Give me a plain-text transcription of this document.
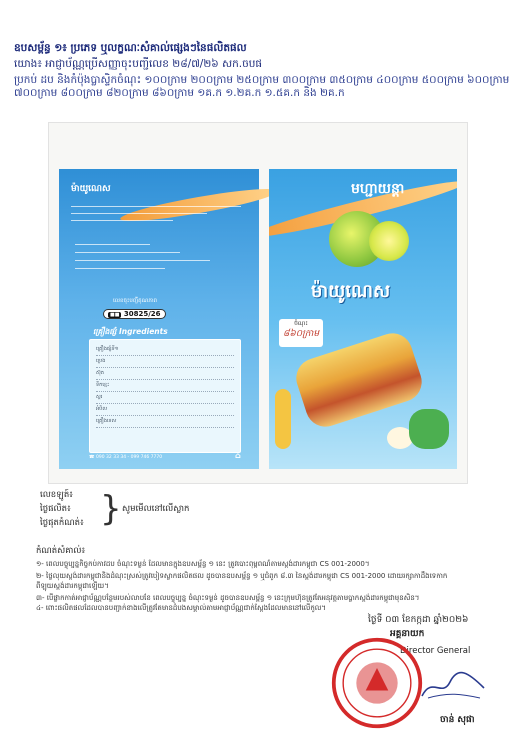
ឧបសម្ព័ន្ធ ១៖ ប្រភេទ ឬលក្ខណៈសំគាល់ផ្សេងៗនៃផលិតផល
យោង៖ អាជ្ញាប័ណ្ណប្រើសញ្ញាចុះបញ្ជីលេខ ២៨/៧/២៦ សក.ចបផ
ប្រកប់ ដប និងកំប៉ុងប្លាស្ទិកចំណុះ ១០០ក្រាម ២០០ក្រាម ២៥០ក្រាម ៣០០ក្រាម ៣៥០ក្រាម ៤០០ក្រាម ៥០០ក្រាម ៦០០ក្រាម ៧០០ក្រាម ៨០០ក្រាម ៨២០ក្រាម ៨៦០ក្រាម ១គ.ក ១.២គ.ក ១.៥គ.ក និង ២គ.ក
ម៉ាយូណេស
លេខចុះបញ្ជីគុណភាព
■■ 30825/26
គ្រឿងផ្សំ Ingredients
គ្រឿងផ្សំទី១
ប្រេង
ស៊ុត
ទឹកខ្មេះ
ស្ករ
អំបិល
គ្រឿងទេស
☎ 090 32 33 34 - 099 746 7770	⌂
មហ្ជាយន្តា
ម៉ាយូណេស
ចំណុះ
៨៦០ក្រាម
លេខឡូត៍៖
ថ្ងៃផលិត៖
ថ្ងៃផុតកំណត់៖ } សូមមើលនៅលើស្លាក
កំណត់សំគាល់៖
១- ពេលបច្ចុប្បន្នកិច្ចកប់កាវដប ចំណុះទម្ងន់ ដែលមានក្នុងឧបសម្ព័ន្ធ ១ នេះ ត្រូវបោះពុម្ពពណ៌តាមស្តង់ដារកម្ពុជា CS 001-2000។
២- ថ្លៃលុយស្តង់ដារកម្ពុជានិងដំណុះស្រស់ត្រូវបៀទស្លាកផលិតផល ដូចបានឧបសម្ព័ន្ធ ១ ឬជំពូក ៨.៣ នៃស្តង់ដារកម្ពុជា CS 001-2000 ដោយរក្សាកាដឹងទេកាក
ពីឡុយស្តង់ដារកម្ពុជាឡើយ។
៣- បើផ្លាកកាត់អាជ្ញាប័ណ្ណបន្ថែមរបស់លាបខែ ពេលបច្ចុប្បន្ន ចំណុះទម្ងន់ ដូចបានឧបសម្ព័ន្ធ ១ នេះក្រុមហ៊ុនត្រូវតែអនុវត្តតាមប្លាកស្តង់ដារកម្ពុជាមុនសិន។
៤- ពោះផលិតផលដែលបានបញ្ជាក់ខាងលើត្រូវតែមានដំបងសម្គាល់តាមអាជ្ញាប័ណ្ណជាក់ស្តែងដែលមាននៅលើកូល។
ថ្ងៃទី ០៣ ខែកក្កដា ឆ្នាំ២០២៦
អគ្គនាយក
Director General
ចាន់ សុផា
